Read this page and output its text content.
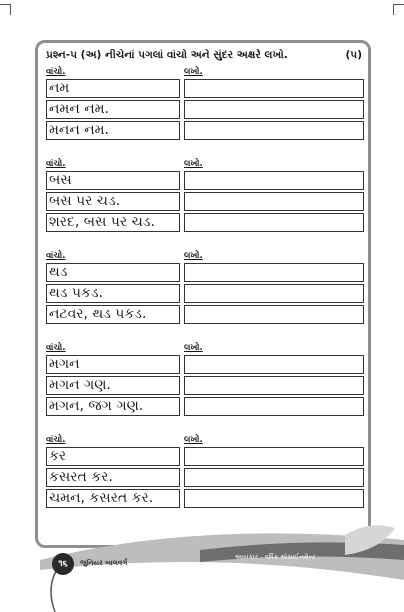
પ્રશ્ન-૫ (અ) નીચેનાં પગલાં વાંચો અને સુંદર અક્ષરે લખો.	(૫)
વાંચો.	લખો.
નમ
નમન નમ.
મનન નમ.
વાંચો.	લખો.
બસ
બસ પર ચડ.
શરદ, બસ પર ચડ.
વાંચો.	લખો.
થડ
થડ પકડ.
નટવર, થડ પકડ.
વાંચો.	લખો.
મગન
મગન ગણ.
મગન, જગ ગણ.
વાંચો.	લખો.
કર
કસરત કર.
ચમન, કસરત કર.
૧૬	જુનિયર બાલવર્ગ
આયંકાર - વર્ષિક એસાઈનમેન્ટ
